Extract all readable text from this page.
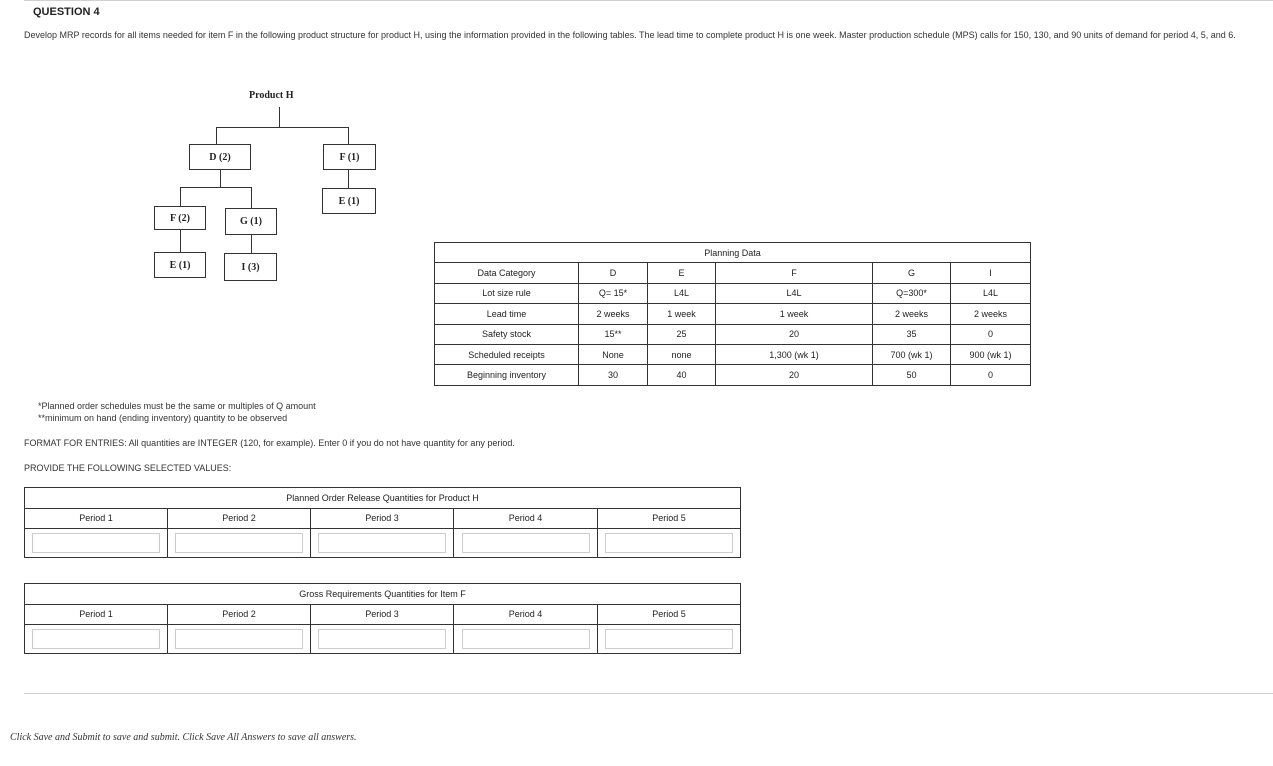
QUESTION 4
Develop MRP records for all items needed for item F in the following product structure for product H, using the information provided in the following tables. The lead time to complete product H is one week. Master production schedule (MPS) calls for 150, 130, and 90 units of demand for period 4, 5, and 6.
Product H
D (2)	F (1)
E (1)
F (2)	G (1)
E (1)	I (3)
Planning Data					
Data Category	D	E	F	G	I
Lot size rule	Q= 15*	L4L	L4L	Q=300*	L4L
Lead time	2 weeks	1 week	1 week	2 weeks	2 weeks
Safety stock	15**	25	20	35	0
Scheduled receipts	None	none	1,300 (wk 1)	700 (wk 1)	900 (wk 1)
Beginning inventory	30	40	20	50	0
*Planned order schedules must be the same or multiples of Q amount
**minimum on hand (ending inventory) quantity to be observed
FORMAT FOR ENTRIES: All quantities are INTEGER (120, for example). Enter 0 if you do not have quantity for any period.
PROVIDE THE FOLLOWING SELECTED VALUES:
Planned Order Release Quantities for Product H				
Period 1	Period 2	Period 3	Period 4	Period 5

Gross Requirements Quantities for Item F				
Period 1	Period 2	Period 3	Period 4	Period 5

Click Save and Submit to save and submit. Click Save All Answers to save all answers.
